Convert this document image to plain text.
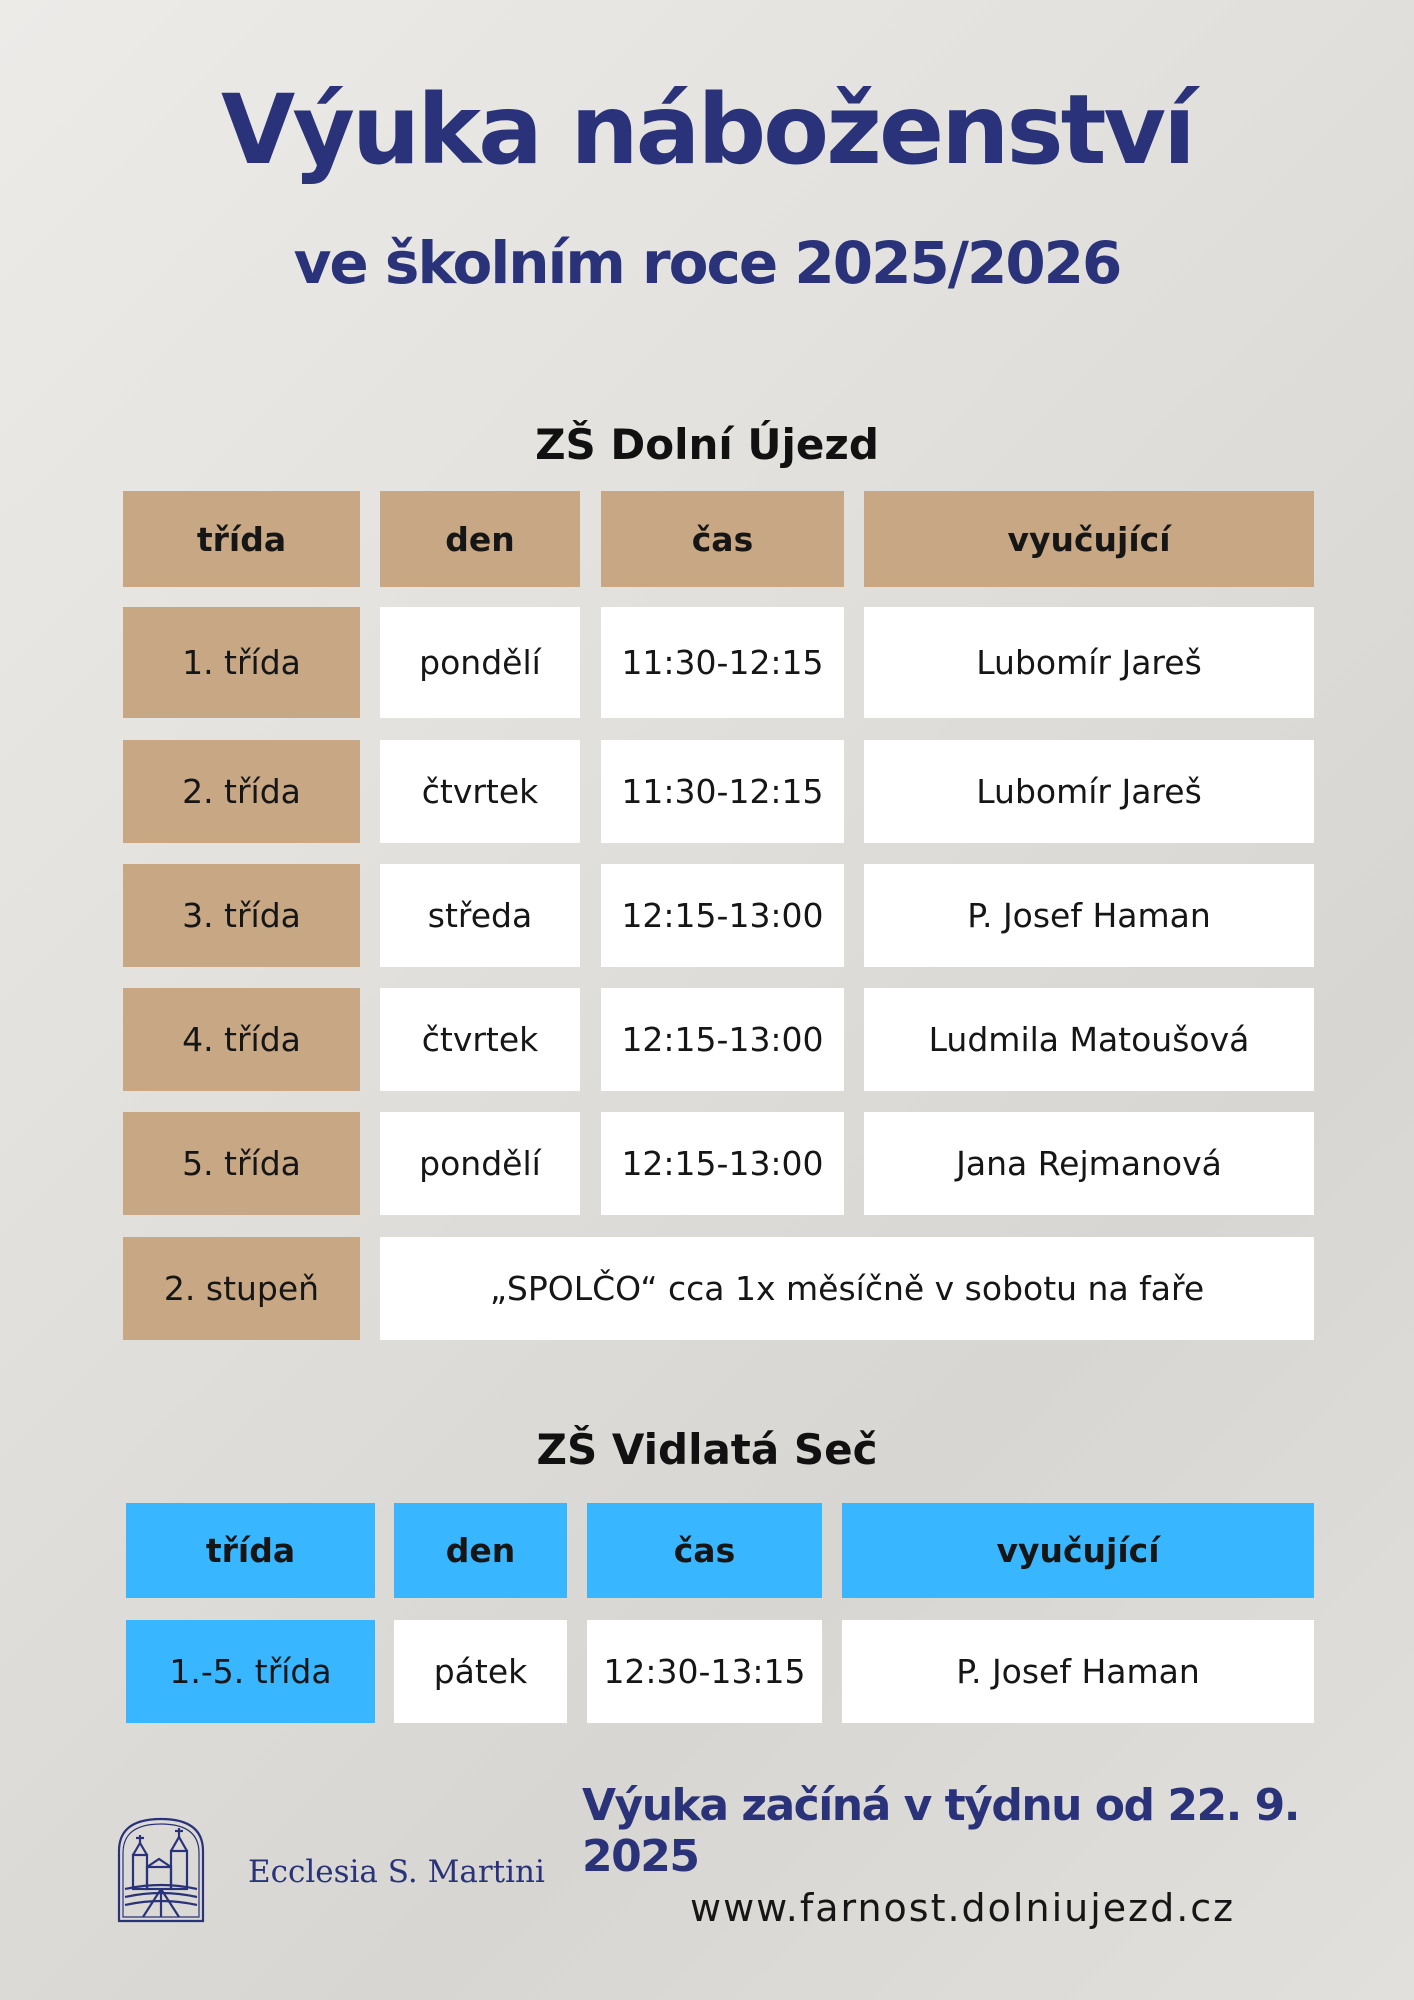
Výuka náboženství
ve školním roce 2025/2026
ZŠ Dolní Újezd
třída	den	čas	vyučující
1. třída	pondělí	11:30-12:15	Lubomír Jareš
2. třída	čtvrtek	11:30-12:15	Lubomír Jareš
3. třída	středa	12:15-13:00	P. Josef Haman
4. třída	čtvrtek	12:15-13:00	Ludmila Matoušová
5. třída	pondělí	12:15-13:00	Jana Rejmanová
2. stupeň	„SPOLČO“ cca 1x měsíčně v sobotu na faře
ZŠ Vidlatá Seč
třída	den	čas	vyučující
1.-5. třída	pátek	12:30-13:15	P. Josef Haman
Výuka začíná v týdnu od 22. 9. 2025
Ecclesia S. Martini
www.farnost.dolniujezd.cz
